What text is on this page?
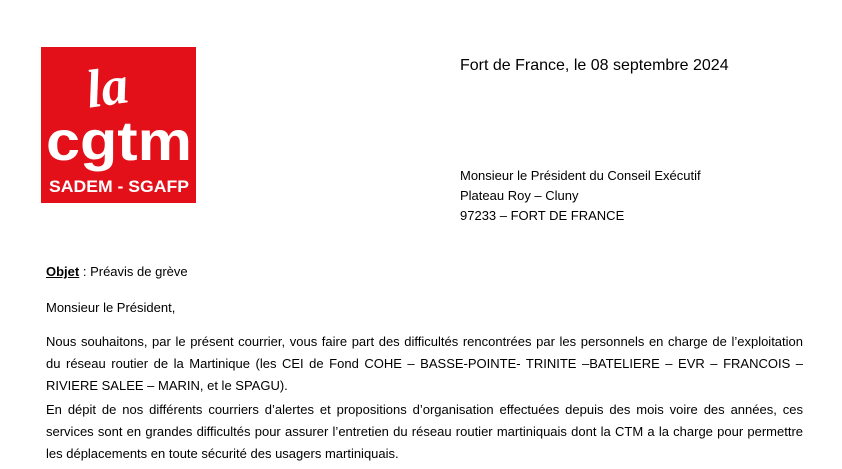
la
cgtm
SADEM - SGAFP
Fort de France, le 08 septembre 2024
Monsieur le Président du Conseil Exécutif
Plateau Roy – Cluny
97233 – FORT DE FRANCE
Objet : Préavis de grève
Monsieur le Président,
Nous souhaitons, par le présent courrier, vous faire part des difficultés rencontrées par les personnels en charge de l’exploitation du réseau routier de la Martinique (les CEI de Fond COHE – BASSE-POINTE- TRINITE –BATELIERE – EVR – FRANCOIS – RIVIERE SALEE – MARIN, et le SPAGU).
En dépit de nos différents courriers d’alertes et propositions d’organisation effectuées depuis des mois voire des années, ces services sont en grandes difficultés pour assurer l’entretien du réseau routier martiniquais dont la CTM a la charge pour permettre les déplacements en toute sécurité des usagers martiniquais.
